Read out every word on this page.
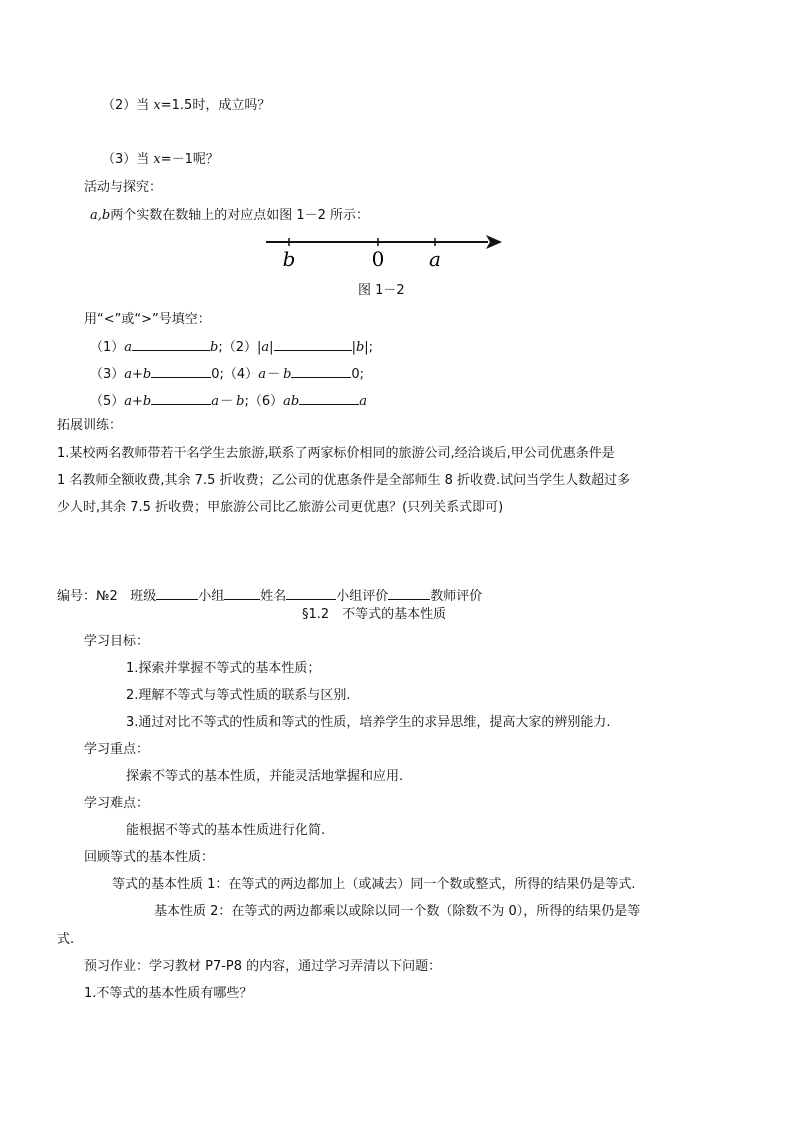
（2）当 x=1.5时，成立吗？
（3）当 x=－1呢？
活动与探究：
a,b两个实数在数轴上的对应点如图 1－2 所示：
b	0 a
图 1－2
用“<”或“>”号填空：
（1）a	b;（2）|a|	|b|;
（3）a+b	0;（4）a－ b	0;
（5）a+b	a－ b;（6）ab	a
拓展训练：
1.某校两名教师带若干名学生去旅游,联系了两家标价相同的旅游公司,经洽谈后,甲公司优惠条件是
1 名教师全额收费,其余 7.5 折收费；乙公司的优惠条件是全部师生 8 折收费.试问当学生人数超过多
少人时,其余 7.5 折收费；甲旅游公司比乙旅游公司更优惠？(只列关系式即可)
编号：№2 班级	小组	姓名	小组评价	教师评价
§1.2　不等式的基本性质
学习目标：
1.探索并掌握不等式的基本性质；
2.理解不等式与等式性质的联系与区别.
3.通过对比不等式的性质和等式的性质，培养学生的求异思维，提高大家的辨别能力.
学习重点：
探索不等式的基本性质，并能灵活地掌握和应用.
学习难点：
能根据不等式的基本性质进行化简.
回顾等式的基本性质：
等式的基本性质 1：在等式的两边都加上（或减去）同一个数或整式，所得的结果仍是等式.
基本性质 2：在等式的两边都乘以或除以同一个数（除数不为 0），所得的结果仍是等
式.
预习作业：学习教材 P7-P8 的内容，通过学习弄清以下问题：
1.不等式的基本性质有哪些？
